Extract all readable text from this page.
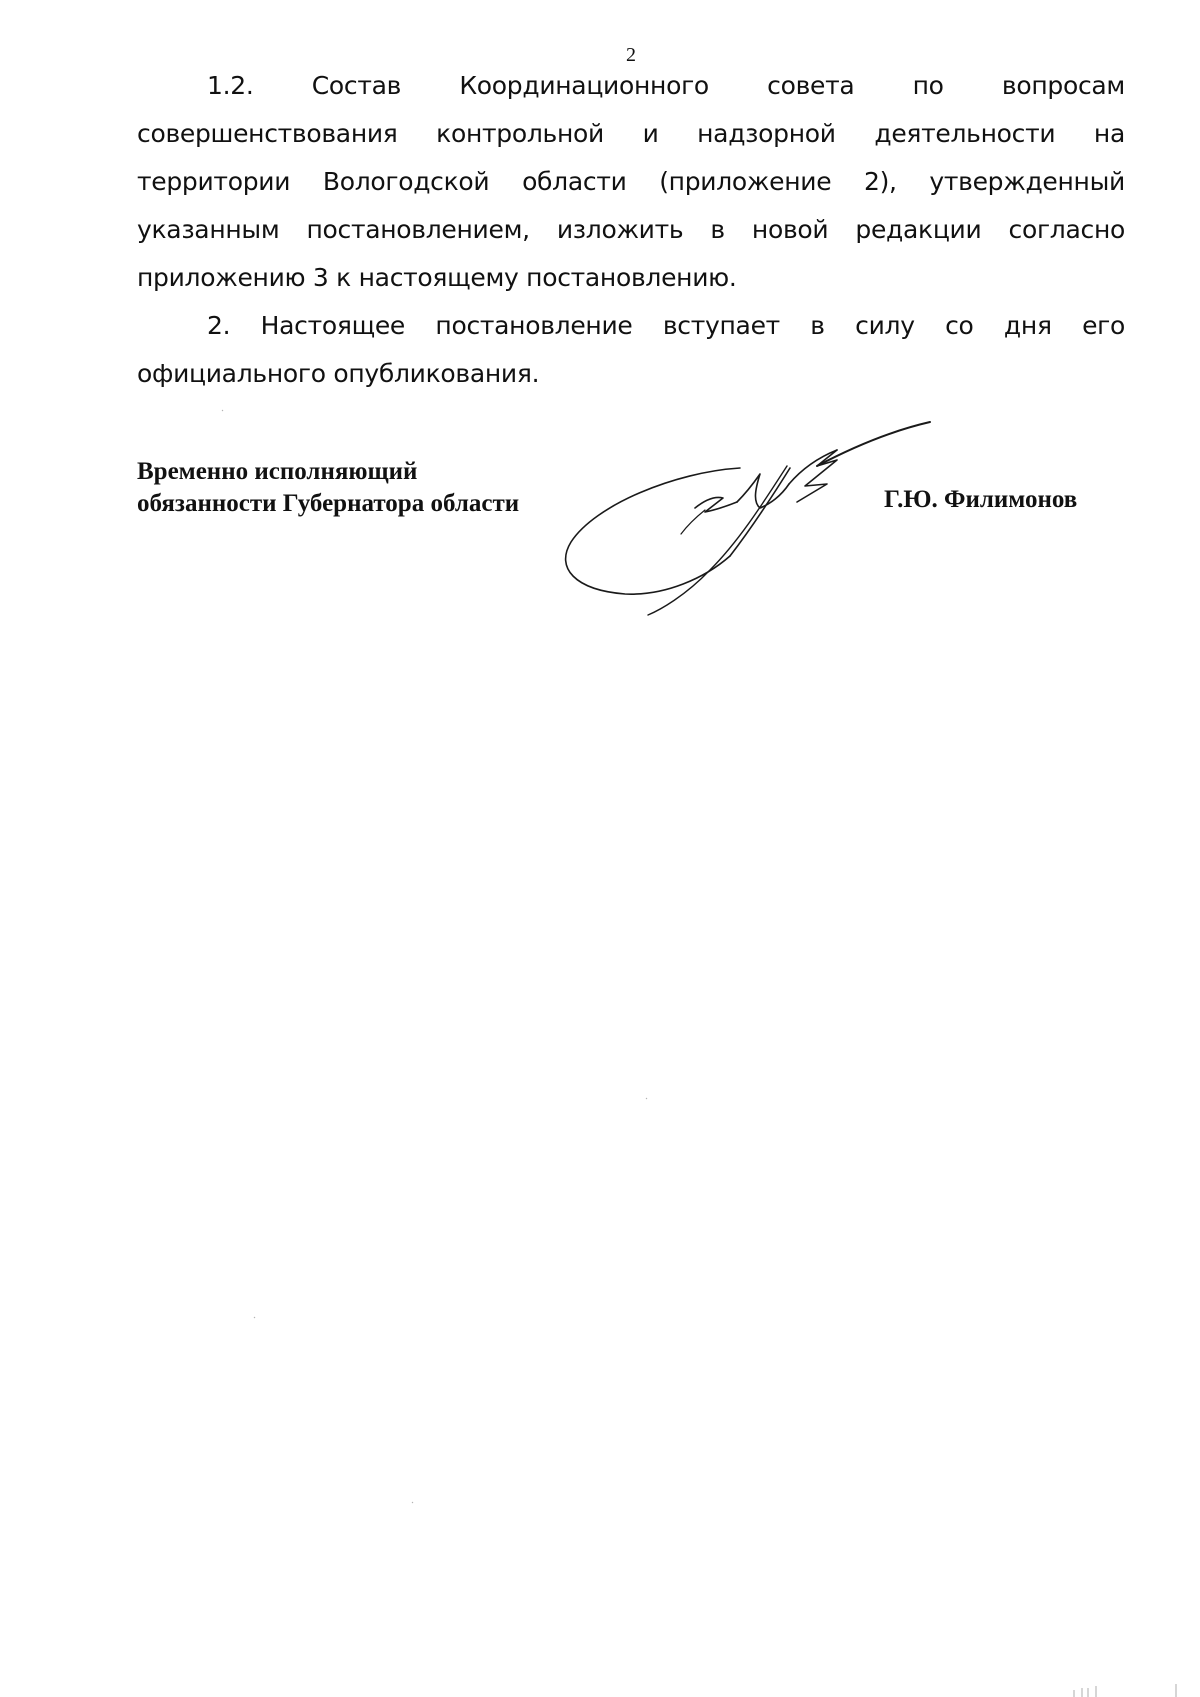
2

1.2. Состав Координационного совета по вопросам совершенствования контрольной и надзорной деятельности на территории Вологодской области (приложение 2), утвержденный указанным постановлением, изложить в новой редакции согласно приложению 3 к настоящему постановлению.

2. Настоящее постановление вступает в силу со дня его официального опубликования.

Временно исполняющий
обязанности Губернатора области	Г.Ю. Филимонов
